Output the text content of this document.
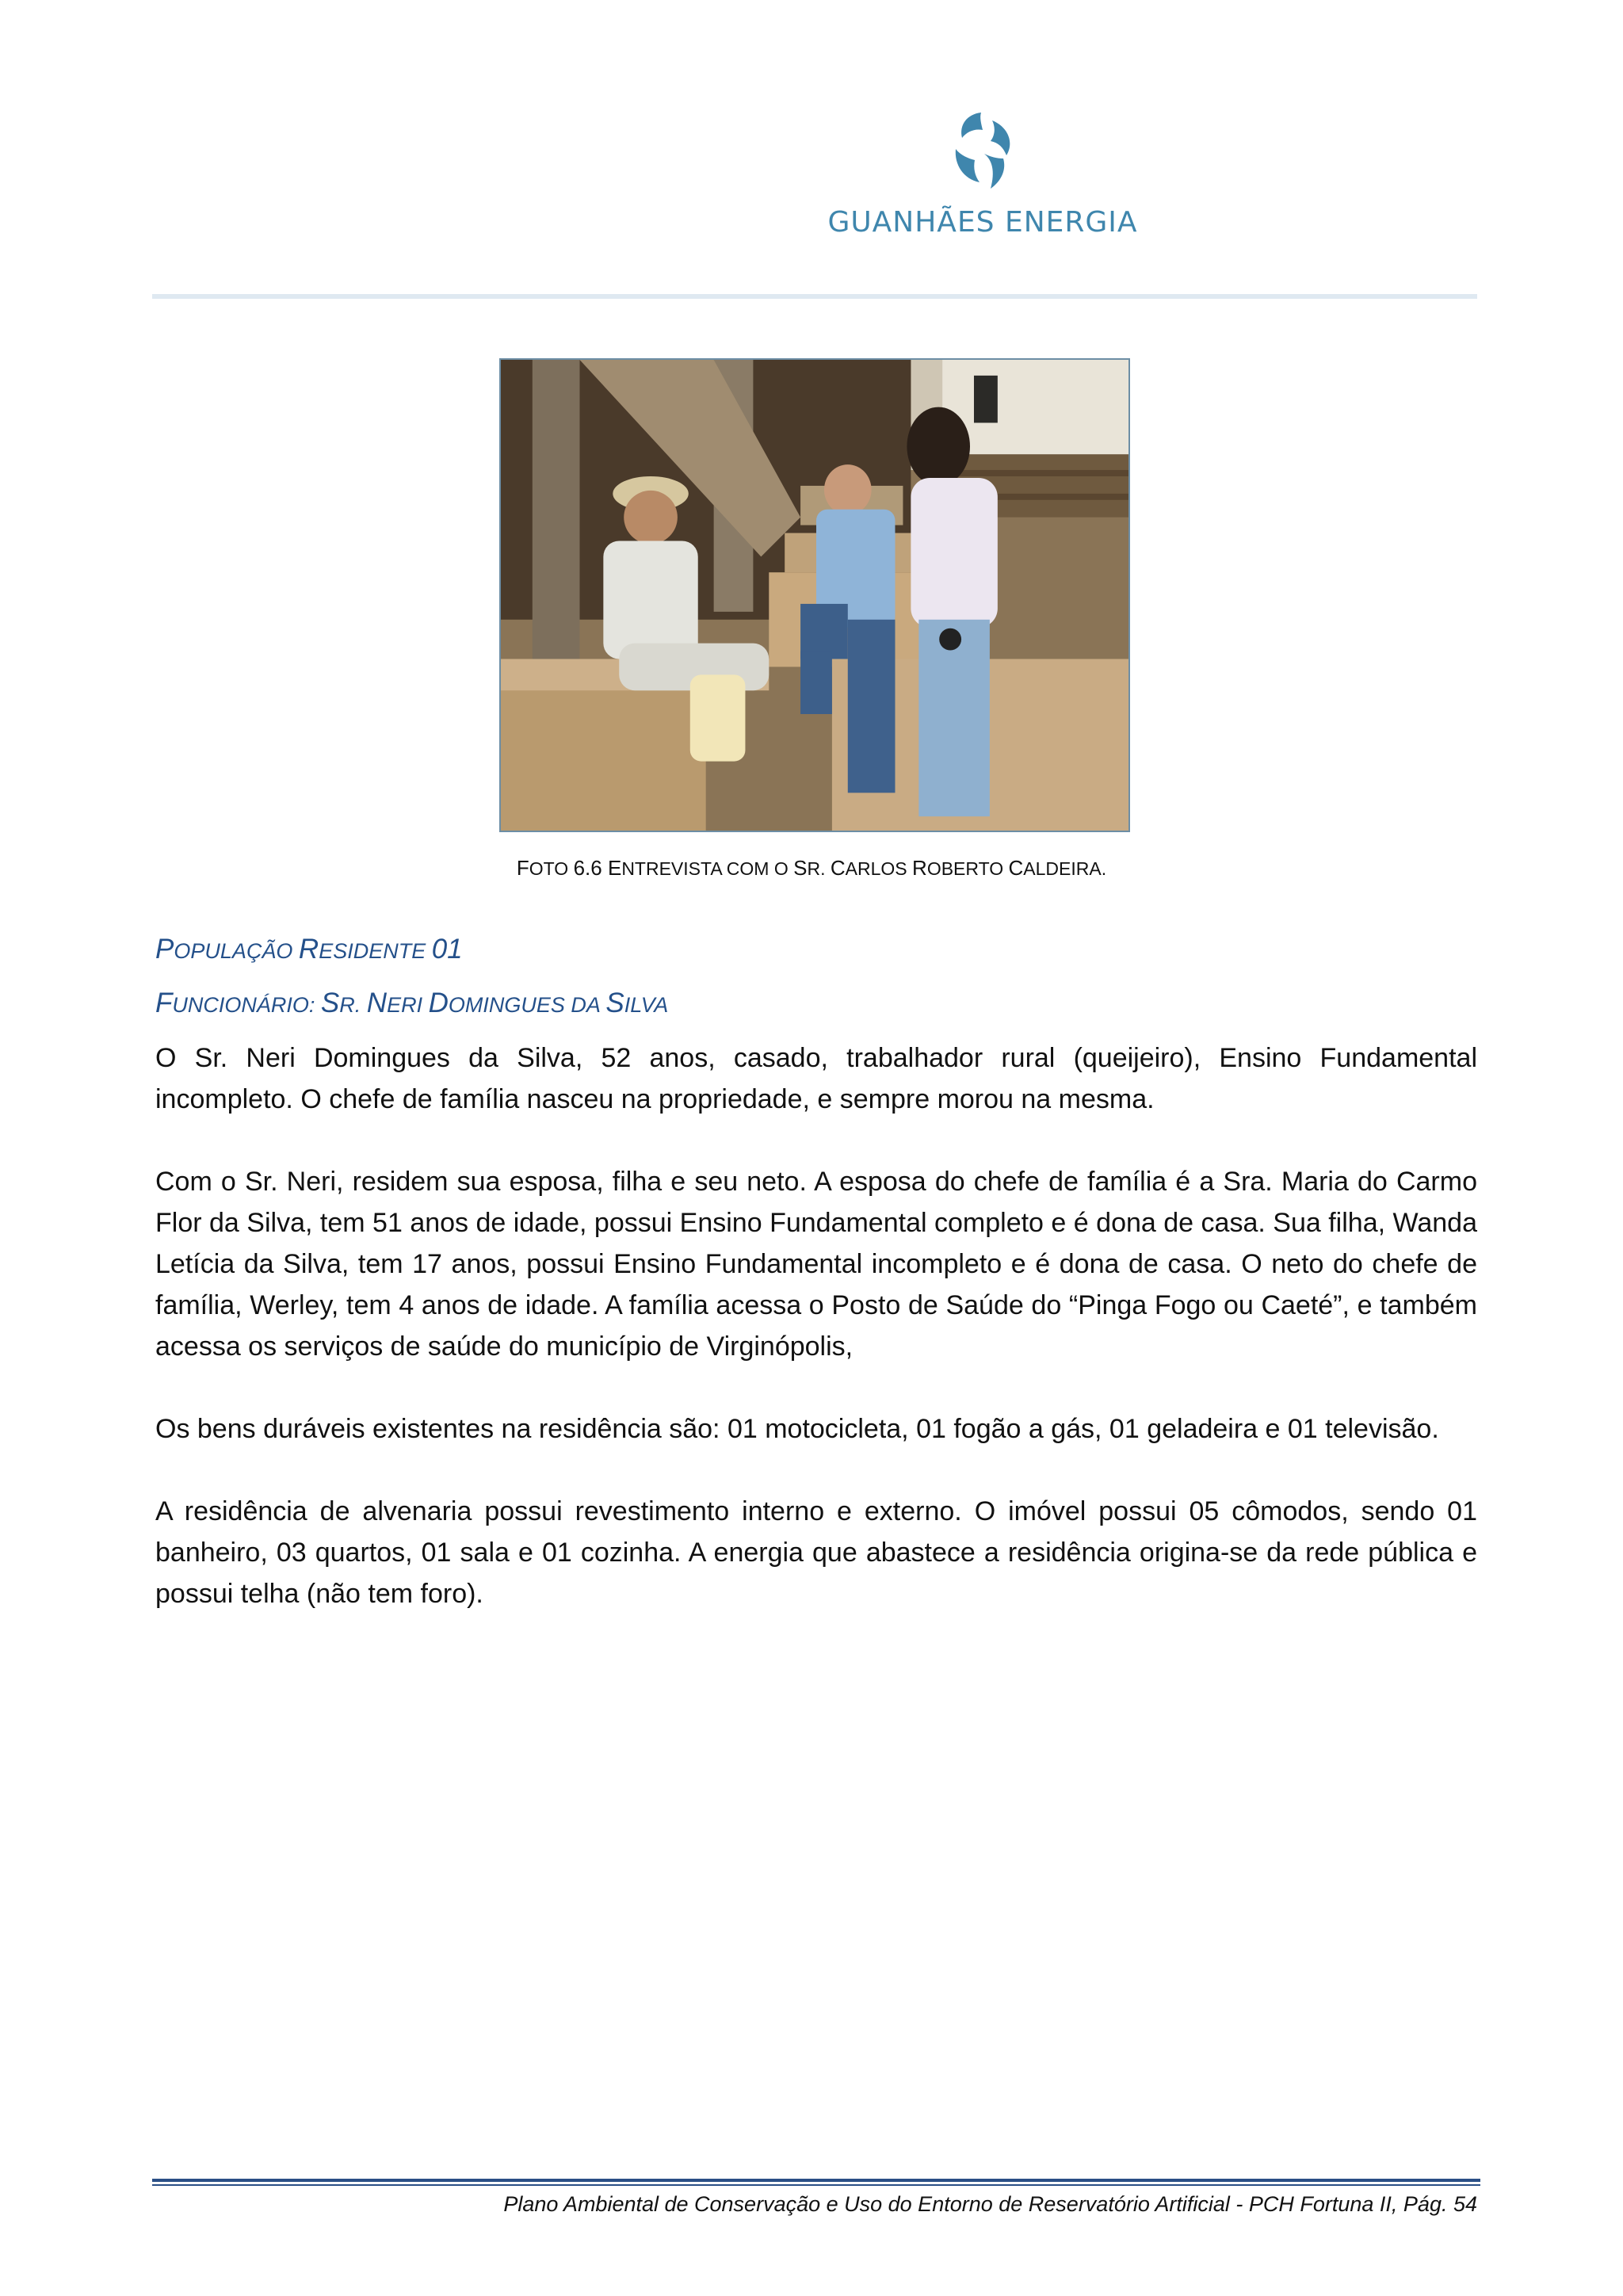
GUANHÃES ENERGIA
FOTO 6.6 ENTREVISTA COM O SR. CARLOS ROBERTO CALDEIRA.
POPULAÇÃO RESIDENTE 01
FUNCIONÁRIO: SR. NERI DOMINGUES DA SILVA

O Sr. Neri Domingues da Silva, 52 anos, casado, trabalhador rural (queijeiro), Ensino Fundamental incompleto. O chefe de família nasceu na propriedade, e sempre morou na mesma.

Com o Sr. Neri, residem sua esposa, filha e seu neto. A esposa do chefe de família é a Sra. Maria do Carmo Flor da Silva, tem 51 anos de idade, possui Ensino Fundamental completo e é dona de casa. Sua filha, Wanda Letícia da Silva, tem 17 anos, possui Ensino Fundamental incompleto e é dona de casa. O neto do chefe de família, Werley, tem 4 anos de idade. A família acessa o Posto de Saúde do “Pinga Fogo ou Caeté”, e também acessa os serviços de saúde do município de Virginópolis,

Os bens duráveis existentes na residência são: 01 motocicleta, 01 fogão a gás, 01 geladeira e 01 televisão.

A residência de alvenaria possui revestimento interno e externo. O imóvel possui 05 cômodos, sendo 01 banheiro, 03 quartos, 01 sala e 01 cozinha. A energia que abastece a residência origina-se da rede pública e possui telha (não tem foro).

Plano Ambiental de Conservação e Uso do Entorno de Reservatório Artificial - PCH Fortuna II, Pág. 54
